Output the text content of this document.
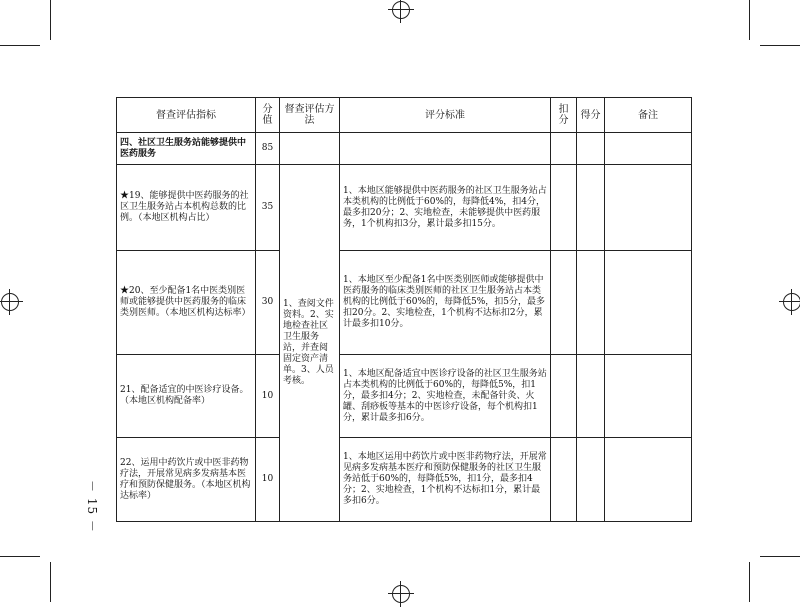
－ 15 －
督查评估指标	分值	督查评估方法	评分标准	扣分	得分	备注
四、社区卫生服务站能够提供中医药服务	85					
★19、能够提供中医药服务的社区卫生服务站占本机构总数的比例。（本地区机构占比）	35	1、查阅文件资料。2、实地检查社区卫生服务站，并查阅固定资产清单。3、人员考核。	1、本地区能够提供中医药服务的社区卫生服务站占本类机构的比例低于60%的，每降低4%，扣4分，最多扣20分；2、实地检查，未能够提供中医药服务，1个机构扣3分，累计最多扣15分。			
★20、至少配备1名中医类别医师或能够提供中医药服务的临床类别医师。（本地区机构达标率）	30		1、本地区至少配备1名中医类别医师或能够提供中医药服务的临床类别医师的社区卫生服务站占本类机构的比例低于60%的，每降低5%，扣5分，最多扣20分。2、实地检查，1个机构不达标扣2分，累计最多扣10分。			
21、配备适宜的中医诊疗设备。（本地区机构配备率）	10		1、本地区配备适宜中医诊疗设备的社区卫生服务站占本类机构的比例低于60%的，每降低5%，扣1分，最多扣4分；2、实地检查，未配备针灸、火罐、刮痧板等基本的中医诊疗设备，每个机构扣1分，累计最多扣6分。			
22、运用中药饮片或中医非药物疗法，开展常见病多发病基本医疗和预防保健服务。（本地区机构达标率）	10		1、本地区运用中药饮片或中医非药物疗法，开展常见病多发病基本医疗和预防保健服务的社区卫生服务站低于60%的，每降低5%，扣1分，最多扣4分；2、实地检查，1个机构不达标扣1分，累计最多扣6分。			
